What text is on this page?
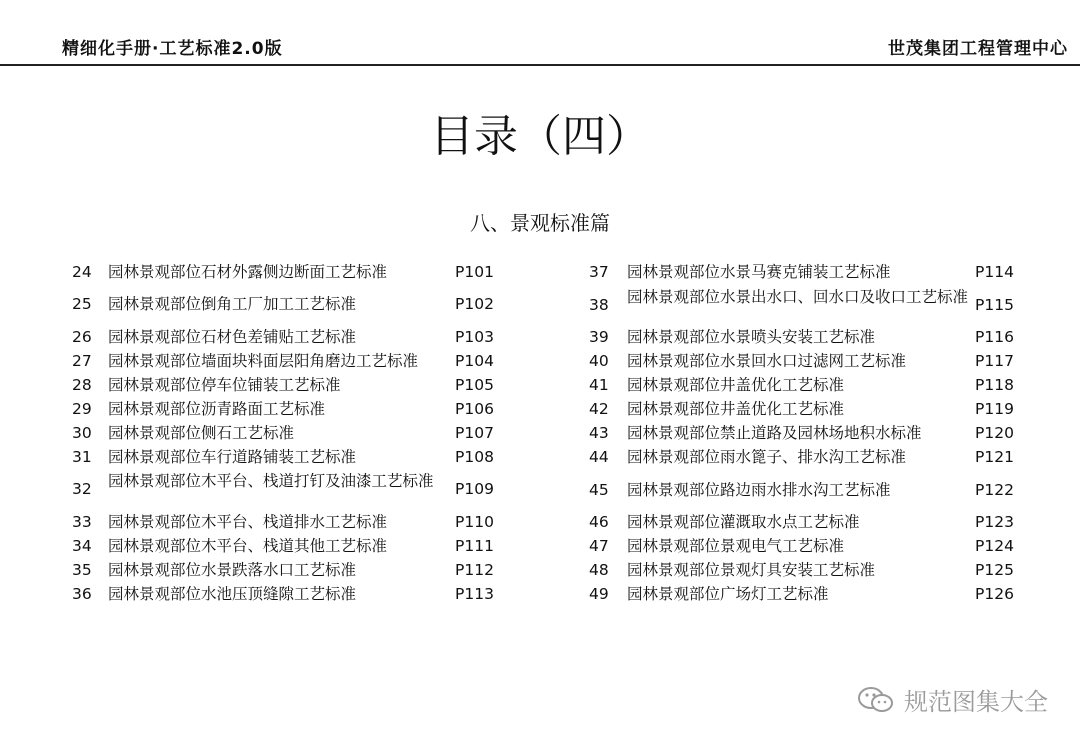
精细化手册·工艺标准2.0版	世茂集团工程管理中心
目录（四）
八、景观标准篇
24 园林景观部位石材外露侧边断面工艺标准	P101
25 园林景观部位倒角工厂加工工艺标准	P102
26 园林景观部位石材色差铺贴工艺标准	P103
27 园林景观部位墙面块料面层阳角磨边工艺标准	P104
28 园林景观部位停车位铺装工艺标准	P105
29 园林景观部位沥青路面工艺标准	P106
30 园林景观部位侧石工艺标准	P107
31 园林景观部位车行道路铺装工艺标准	P108
32 园林景观部位木平台、栈道打钉及油漆工艺标准	P109
33 园林景观部位木平台、栈道排水工艺标准	P110
34 园林景观部位木平台、栈道其他工艺标准	P111
35 园林景观部位水景跌落水口工艺标准	P112
36 园林景观部位水池压顶缝隙工艺标准	P113
37 园林景观部位水景马赛克铺装工艺标准	P114
38 园林景观部位水景出水口、回水口及收口工艺标准 P115
39 园林景观部位水景喷头安装工艺标准	P116
40 园林景观部位水景回水口过滤网工艺标准	P117
41 园林景观部位井盖优化工艺标准	P118
42 园林景观部位井盖优化工艺标准	P119
43 园林景观部位禁止道路及园林场地积水标准	P120
44 园林景观部位雨水篦子、排水沟工艺标准	P121
45 园林景观部位路边雨水排水沟工艺标准	P122
46 园林景观部位灌溉取水点工艺标准	P123
47 园林景观部位景观电气工艺标准	P124
48 园林景观部位景观灯具安装工艺标准	P125
49 园林景观部位广场灯工艺标准	P126
规范图集大全
